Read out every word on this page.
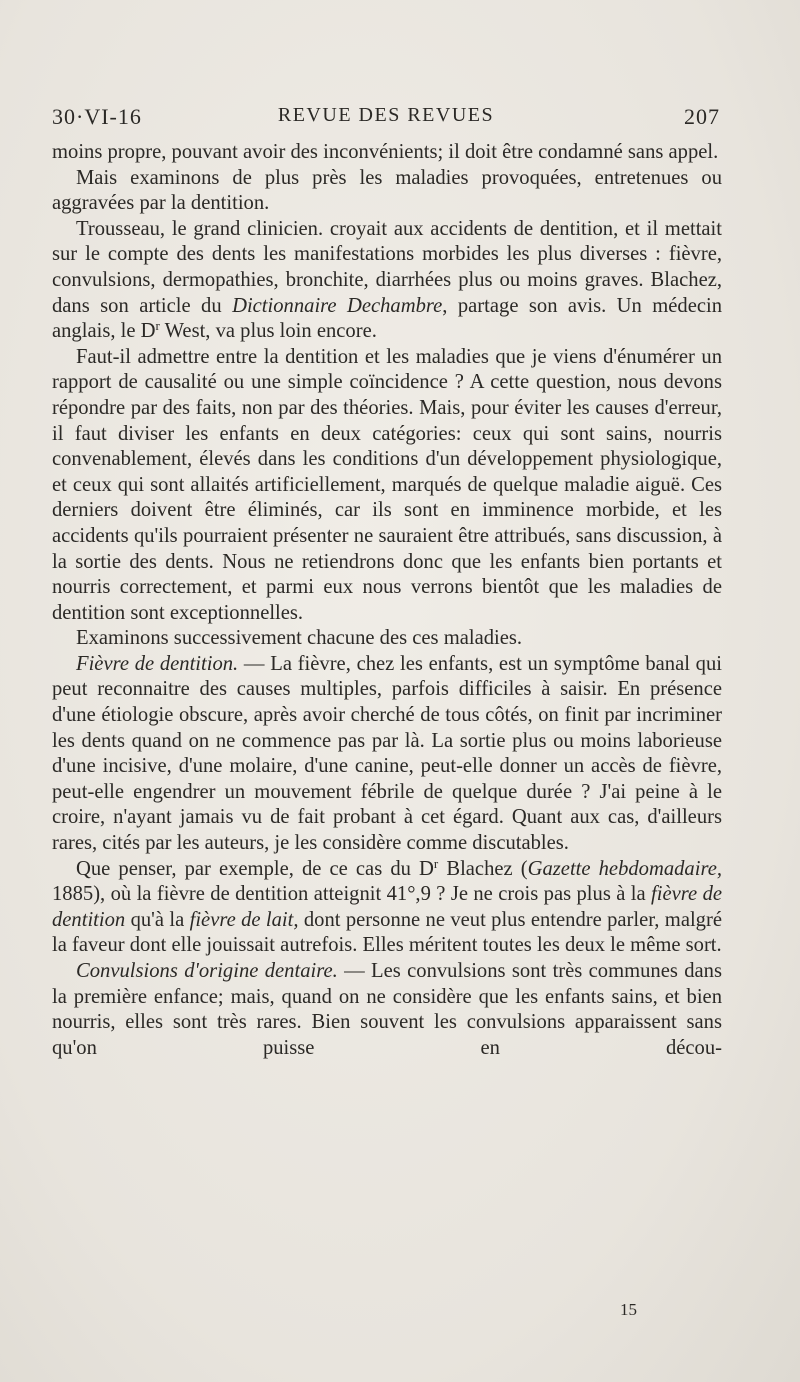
30·VI-16	REVUE DES REVUES	207

moins propre, pouvant avoir des inconvénients; il doit être condamné sans appel.

Mais examinons de plus près les maladies provoquées, entretenues ou aggravées par la dentition.

Trousseau, le grand clinicien. croyait aux accidents de dentition, et il mettait sur le compte des dents les manifestations morbides les plus diverses : fièvre, convulsions, dermopathies, bronchite, diarrhées plus ou moins graves. Blachez, dans son article du Dictionnaire Dechambre, partage son avis. Un médecin anglais, le $D^r$ West, va plus loin encore.

Faut-il admettre entre la dentition et les maladies que je viens d'énumérer un rapport de causalité ou une simple coïncidence ? A cette question, nous devons répondre par des faits, non par des théories. Mais, pour éviter les causes d'erreur, il faut diviser les enfants en deux catégories: ceux qui sont sains, nourris convenablement, élevés dans les conditions d'un développement physiologique, et ceux qui sont allaités artificiellement, marqués de quelque maladie aiguë. Ces derniers doivent être éliminés, car ils sont en imminence morbide, et les accidents qu'ils pourraient présenter ne sauraient être attribués, sans discussion, à la sortie des dents. Nous ne retiendrons donc que les enfants bien portants et nourris correctement, et parmi eux nous verrons bientôt que les maladies de dentition sont exceptionnelles.

Examinons successivement chacune des ces maladies.

Fièvre de dentition. — La fièvre, chez les enfants, est un symptôme banal qui peut reconnaitre des causes multiples, parfois difficiles à saisir. En présence d'une étiologie obscure, après avoir cherché de tous côtés, on finit par incriminer les dents quand on ne commence pas par là. La sortie plus ou moins laborieuse d'une incisive, d'une molaire, d'une canine, peut-elle donner un accès de fièvre, peut-elle engendrer un mouvement fébrile de quelque durée ? J'ai peine à le croire, n'ayant jamais vu de fait probant à cet égard. Quant aux cas, d'ailleurs rares, cités par les auteurs, je les considère comme discutables.

Que penser, par exemple, de ce cas du $D^r$ Blachez (Gazette hebdomadaire, 1885), où la fièvre de dentition atteignit 41°,9 ? Je ne crois pas plus à la fièvre de dentition qu'à la fièvre de lait, dont personne ne veut plus entendre parler, malgré la faveur dont elle jouissait autrefois. Elles méritent toutes les deux le même sort.

Convulsions d'origine dentaire. — Les convulsions sont très communes dans la première enfance; mais, quand on ne considère que les enfants sains, et bien nourris, elles sont très rares. Bien souvent les convulsions apparaissent sans qu'on puisse en décou-

15
